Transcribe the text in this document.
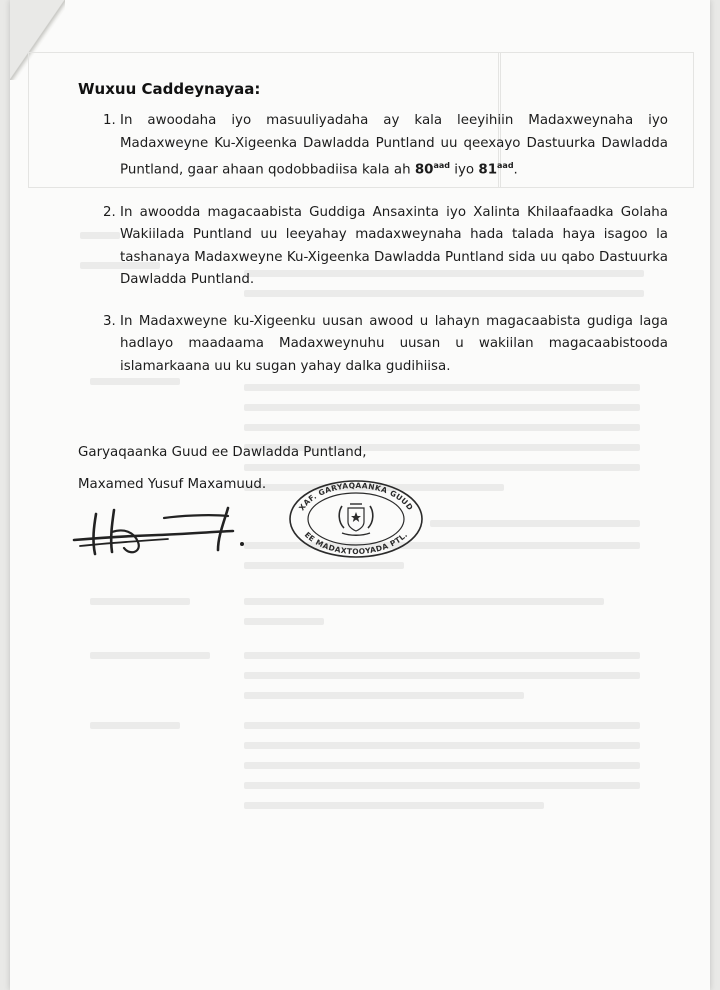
Wuxuu Caddeynayaa:
1. In awoodaha iyo masuuliyadaha ay kala leeyihiin Madaxweynaha iyo Madaxweyne Ku-Xigeenka Dawladda Puntland uu qeexayo Dastuurka Dawladda Puntland, gaar ahaan qodobbadiisa kala ah $80^{aad}$ iyo $81^{aad}$.
2. In awoodda magacaabista Guddiga Ansaxinta iyo Xalinta Khilaafaadka Golaha Wakiilada Puntland uu leeyahay madaxweynaha hada talada haya isagoo la tashanaya Madaxweyne Ku-Xigeenka Dawladda Puntland sida uu qabo Dastuurka Dawladda Puntland.
3. In Madaxweyne ku-Xigeenku uusan awood u lahayn magacaabista gudiga laga hadlayo maadaama Madaxweynuhu uusan u wakiilan magacaabistooda islamarkaana uu ku sugan yahay dalka gudihiisa.
Garyaqaanka Guud ee Dawladda Puntland,
Maxamed Yusuf Maxamuud.
XAF. GARYAQAANKA GUUD
EE MADAXTOOYADA PTL.
